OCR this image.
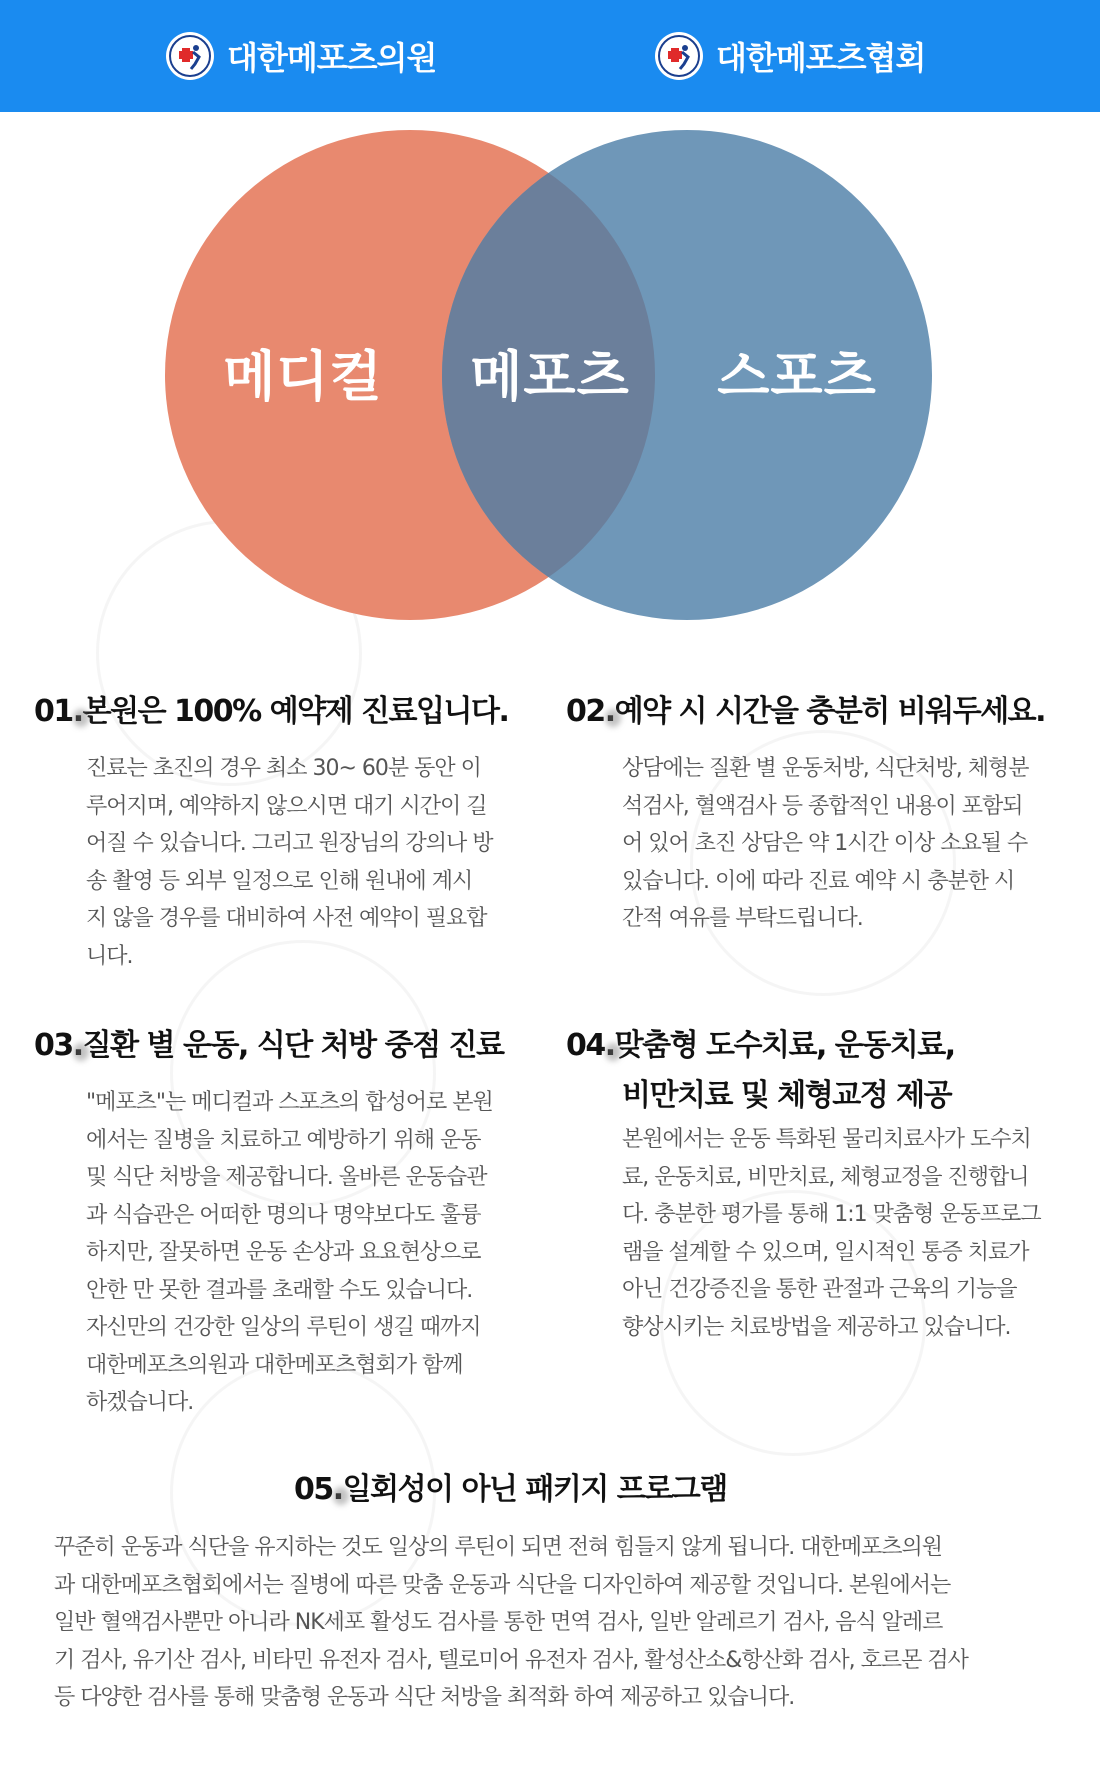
대한메포츠의원	대한메포츠협회
메디컬 메포츠 스포츠
01.본원은 100% 예약제 진료입니다.

진료는 초진의 경우 최소 30~ 60분 동안 이

루어지며, 예약하지 않으시면 대기 시간이 길

어질 수 있습니다. 그리고 원장님의 강의나 방

송 촬영 등 외부 일정으로 인해 원내에 계시

지 않을 경우를 대비하여 사전 예약이 필요합

니다.

02.예약 시 시간을 충분히 비워두세요.

상담에는 질환 별 운동처방, 식단처방, 체형분

석검사, 혈액검사 등 종합적인 내용이 포함되

어 있어 초진 상담은 약 1시간 이상 소요될 수

있습니다. 이에 따라 진료 예약 시 충분한 시

간적 여유를 부탁드립니다.

03.질환 별 운동, 식단 처방 중점 진료

"메포츠"는 메디컬과 스포츠의 합성어로 본원

에서는 질병을 치료하고 예방하기 위해 운동

및 식단 처방을 제공합니다. 올바른 운동습관

과 식습관은 어떠한 명의나 명약보다도 훌륭

하지만, 잘못하면 운동 손상과 요요현상으로

안한 만 못한 결과를 초래할 수도 있습니다.

자신만의 건강한 일상의 루틴이 생길 때까지

대한메포츠의원과 대한메포츠협회가 함께

하겠습니다.

04.맞춤형 도수치료, 운동치료,
비만치료 및 체형교정 제공

본원에서는 운동 특화된 물리치료사가 도수치

료, 운동치료, 비만치료, 체형교정을 진행합니

다. 충분한 평가를 통해 1:1 맞춤형 운동프로그

램을 설계할 수 있으며, 일시적인 통증 치료가

아닌 건강증진을 통한 관절과 근육의 기능을

향상시키는 치료방법을 제공하고 있습니다.

05.일회성이 아닌 패키지 프로그램

꾸준히 운동과 식단을 유지하는 것도 일상의 루틴이 되면 전혀 힘들지 않게 됩니다. 대한메포츠의원

과 대한메포츠협회에서는 질병에 따른 맞춤 운동과 식단을 디자인하여 제공할 것입니다. 본원에서는

일반 혈액검사뿐만 아니라 NK세포 활성도 검사를 통한 면역 검사, 일반 알레르기 검사, 음식 알레르

기 검사, 유기산 검사, 비타민 유전자 검사, 텔로미어 유전자 검사, 활성산소&항산화 검사, 호르몬 검사

등 다양한 검사를 통해 맞춤형 운동과 식단 처방을 최적화 하여 제공하고 있습니다.
